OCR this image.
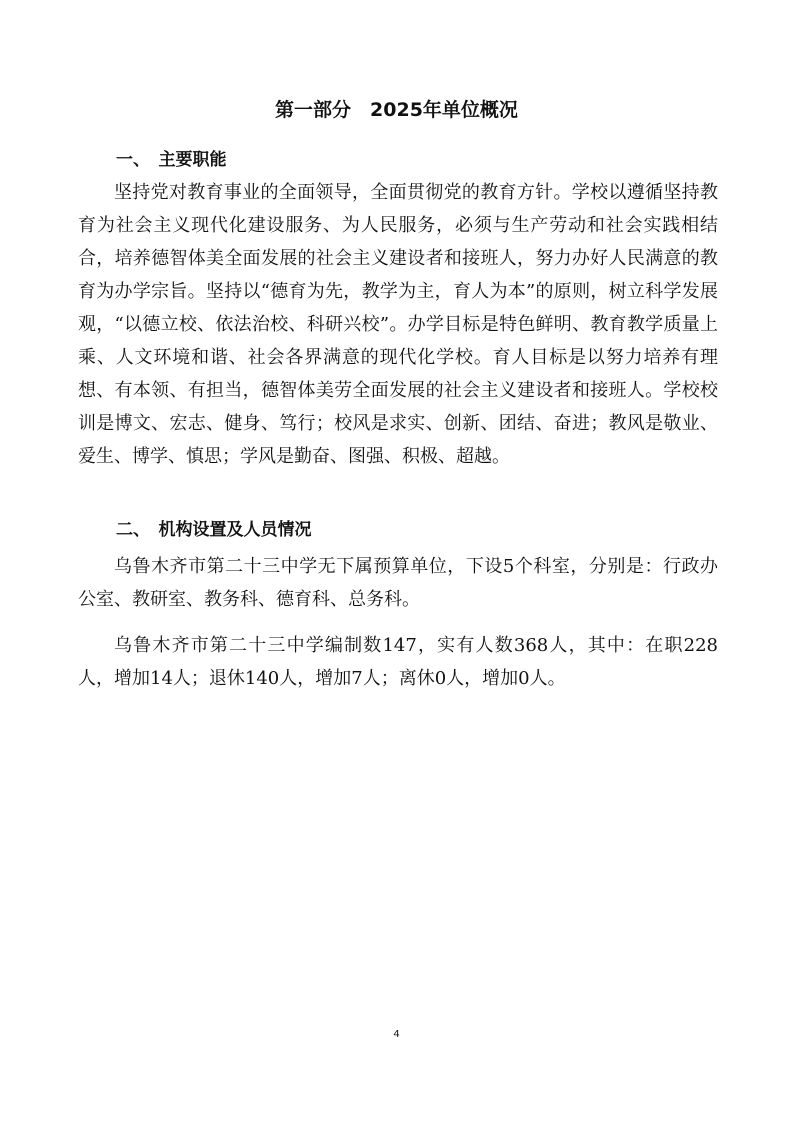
第一部分　2025年单位概况
一、　主要职能

坚持党对教育事业的全面领导，全面贯彻党的教育方针。学校以遵循坚持教育为社会主义现代化建设服务、为人民服务，必须与生产劳动和社会实践相结合，培养德智体美全面发展的社会主义建设者和接班人，努力办好人民满意的教育为办学宗旨。坚持以“德育为先，教学为主，育人为本”的原则，树立科学发展观，“以德立校、依法治校、科研兴校”。办学目标是特色鲜明、教育教学质量上乘、人文环境和谐、社会各界满意的现代化学校。育人目标是以努力培养有理想、有本领、有担当，德智体美劳全面发展的社会主义建设者和接班人。学校校训是博文、宏志、健身、笃行；校风是求实、创新、团结、奋进；教风是敬业、爱生、博学、慎思；学风是勤奋、图强、积极、超越。

二、　机构设置及人员情况

乌鲁木齐市第二十三中学无下属预算单位，下设5个科室，分别是：行政办公室、教研室、教务科、德育科、总务科。

乌鲁木齐市第二十三中学编制数147，实有人数368人，其中：在职228人，增加14人；退休140人，增加7人；离休0人，增加0人。

4
